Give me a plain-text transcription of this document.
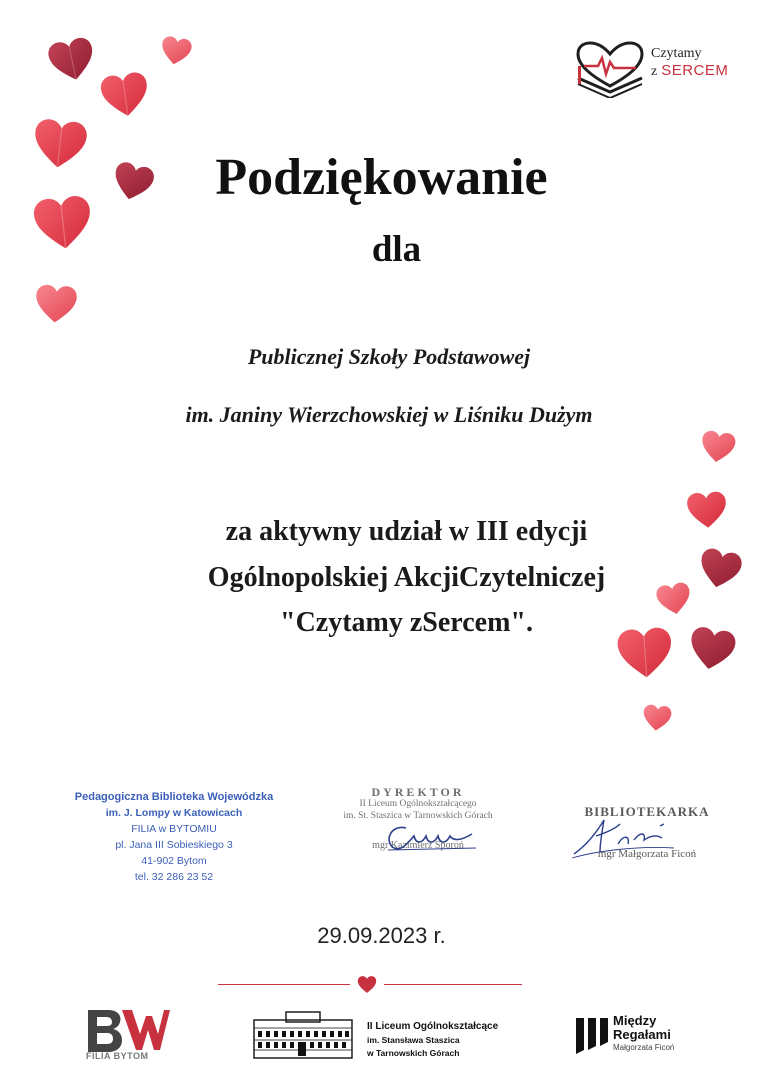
Czytamy
z SERCEM
Podziękowanie
dla
Publicznej Szkoły Podstawowej
im. Janiny Wierzchowskiej w Liśniku Dużym
za aktywny udział w III edycji
Ogólnopolskiej AkcjiCzytelniczej
"Czytamy zSercem".
Pedagogiczna Biblioteka Wojewódzka
im. J. Lompy w Katowicach
FILIA w BYTOMIU
pl. Jana III Sobieskiego 3
41-902 Bytom
tel. 32 286 23 52
DYREKTOR
II Liceum Ogólnokształcącego
im. St. Staszica w Tarnowskich Górach
mgr Kazimierz Sporoń
BIBLIOTEKARKA
mgr Małgorzata Ficoń
29.09.2023 r.
FILIA BYTOM
II Liceum Ogólnokształcące
im. Stansława Staszica
w Tarnowskich Górach
Między
Regałami
Małgorzata Ficoń
